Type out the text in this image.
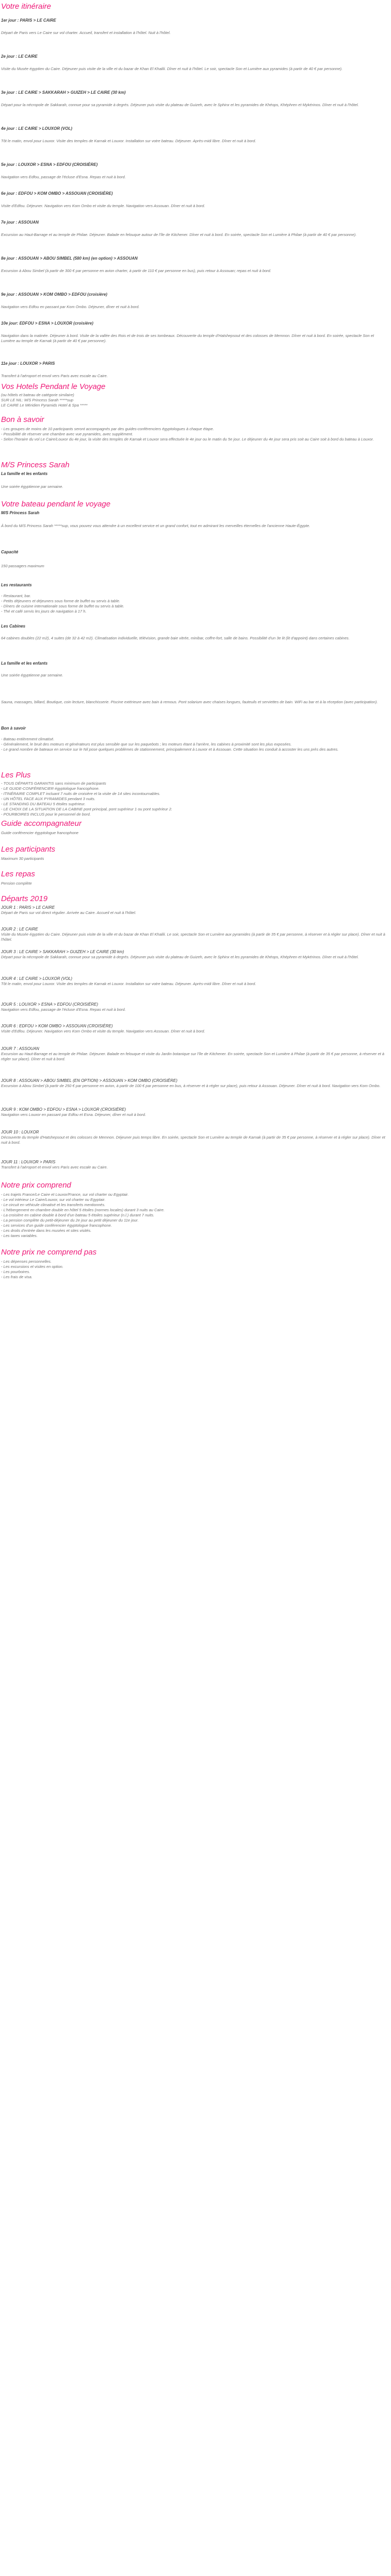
Votre itinéraire
1er jour : PARIS > LE CAIRE
Départ de Paris vers Le Caire sur vol charter. Accueil, transfert et installation à l'hôtel. Nuit à l'hôtel.
2e jour : LE CAIRE
Visite du Musée égyptien du Caire. Déjeuner puis visite de la ville et du bazar de Khan El Khalili. Dîner et nuit à l'hôtel. Le soir, spectacle Son et Lumière aux pyramides (à partir de 40 € par personne).
3e jour : LE CAIRE > SAKKARAH > GUIZEH > LE CAIRE (30 km)
Départ pour la nécropole de Sakkarah, connue pour sa pyramide à degrés. Déjeuner puis visite du plateau de Guizeh, avec le Sphinx et les pyramides de Khéops, Khéphren et Mykérinos. Dîner et nuit à l'hôtel.
4e jour : LE CAIRE > LOUXOR (VOL)
Tôt le matin, envol pour Louxor. Visite des temples de Karnak et Louxor. Installation sur votre bateau. Déjeuner. Après-midi libre. Dîner et nuit à bord.
5e jour : LOUXOR > ESNA > EDFOU (CROISIÈRE)
Navigation vers Edfou, passage de l'écluse d'Esna. Repas et nuit à bord.
6e jour : EDFOU > KOM OMBO > ASSOUAN (CROISIÈRE)
Visite d'Edfou. Déjeuner. Navigation vers Kom Ombo et visite du temple. Navigation vers Assouan. Dîner et nuit à bord.
7e jour : ASSOUAN
Excursion au Haut-Barrage et au temple de Philae. Déjeuner. Balade en felouque autour de l'île de Kitchener. Dîner et nuit à bord. En soirée, spectacle Son et Lumière à Philae (à partir de 40 € par personne).
8e jour : ASSOUAN > ABOU SIMBEL (580 km) (en option) > ASSOUAN
Excursion à Abou Simbel (à partir de 300 € par personne en avion charter, à partir de 110 € par personne en bus), puis retour à Assouan; repas et nuit à bord.
9e jour : ASSOUAN > KOM OMBO > EDFOU (croisière)
Navigation vers Edfou en passant par Kom Ombo. Déjeuner, dîner et nuit à bord.
10e jour: EDFOU > ESNA > LOUXOR (croisière)
Navigation dans la matinée. Déjeuner à bord. Visite de la vallée des Rois et de trois de ses tombeaux. Découverte du temple d'Hatshepsout et des colosses de Memnon. Dîner et nuit à bord. En soirée, spectacle Son et Lumière au temple de Karnak (à partir de 40 € par personne).
11e jour : LOUXOR > PARIS
Transfert à l'aéroport et envol vers Paris avec escale au Caire.
Vos Hotels Pendant le Voyage
(ou hôtels et bateau de catégorie similaire)
SUR LE NIL: M/S Princess Sarah *****sup
LE CAIRE Le Méridien Pyramids Hotel & Spa *****
Bon à savoir
- Les groupes de moins de 10 participants seront accompagnés par des guides-conférenciers égyptologues à chaque étape.
- Possibilité de réserver une chambre avec vue pyramides, avec supplément.
- Selon l'horaire du vol Le Caire/Louxor du 4e jour, la visite des temples de Karnak et Louxor sera effectuée le 4e jour ou le matin du 5e jour. Le déjeuner du 4e jour sera pris soit au Caire soit à bord du bateau à Louxor.
M/S Princess Sarah
La famille et les enfants
Une soirée égyptienne par semaine.
Votre bateau pendant le voyage
M/S Princess Sarah
À bord du M/S Princess Sarah *****sup, vous pouvez vous attendre à un excellent service et un grand confort, tout en admirant les merveilles éternelles de l'ancienne Haute-Égypte.
Capacité
150 passagers maximum
Les restaurants
- Restaurant, bar.
- Petits déjeuners et déjeuners sous forme de buffet ou servis à table.
- Dîners de cuisine internationale sous forme de buffet ou servis à table.
- Thé et café servis les jours de navigation à 17 h.
Les Cabines
64 cabines doubles (22 m2), 4 suites (de 32 à 42 m2). Climatisation individuelle, télévision, grande baie vitrée, minibar, coffre-fort, salle de bains. Possibilité d'un 3e lit (lit d'appoint) dans certaines cabines.
La famille et les enfants
Une soirée égyptienne par semaine.
Sauna, massages, billard, Boutique, coin lecture, blanchisserie. Piscine extérieure avec bain à remous. Pont solarium avec chaises longues, fauteuils et serviettes de bain. WiFi au bar et à la réception (avec participation).
Bon à savoir
- Bateau entièrement climatisé.
- Généralement, le bruit des moteurs et générateurs est plus sensible que sur les paquebots ; les moteurs étant à l'arrière, les cabines à proximité sont les plus exposées.
- Le grand nombre de bateaux en service sur le Nil pose quelques problèmes de stationnement, principalement à Louxor et à Assouan. Cette situation les conduit à accoster les uns près des autres.
Les Plus
- TOUS DÉPARTS GARANTIS sans minimum de participants
- LE GUIDE-CONFÉRENCIER égyptologue francophone.
- ITINÉRAIRE COMPLET incluant 7 nuits de croisière et la visite de 14 sites incontournables.
- UN HÔTEL FACE AUX PYRAMIDES pendant 3 nuits.
- LE STANDING DU BATEAU 5 étoiles supérieur.
- LE CHOIX DE LA SITUATION DE LA CABINE pont principal, pont supérieur 1 ou pont supérieur 2.
- POURBOIRES INCLUS pour le personnel de bord.
Guide accompagnateur
Guide conférencier égyptologue francophone
Les participants
Maximum 30 participants
Les repas
Pension complète
Départs 2019
JOUR 1 : PARIS > LE CAIRE
Départ de Paris sur vol direct régulier. Arrivée au Caire. Accueil et nuit à l'hôtel.
JOUR 2 : LE CAIRE
Visite du Musée égyptien du Caire. Déjeuner puis visite de la ville et du bazar de Khan El Khalili. Le soir, spectacle Son et Lumière aux pyramides (à partir de 35 € par personne, à réserver et à régler sur place). Dîner et nuit à l'hôtel.
JOUR 3 : LE CAIRE > SAKKARAH > GUIZEH > LE CAIRE (30 km)
Départ pour la nécropole de Sakkarah, connue pour sa pyramide à degrés. Déjeuner puis visite du plateau de Guizeh, avec le Sphinx et les pyramides de Khéops, Khéphren et Mykérinos. Dîner et nuit à l'hôtel.
JOUR 4 : LE CAIRE > LOUXOR (VOL)
Tôt le matin, envol pour Louxor. Visite des temples de Karnak et Louxor. Installation sur votre bateau. Déjeuner. Après-midi libre. Dîner et nuit à bord.
JOUR 5 : LOUXOR > ESNA > EDFOU (CROISIÈRE)
Navigation vers Edfou, passage de l'écluse d'Esna. Repas et nuit à bord.
JOUR 6 : EDFOU > KOM OMBO > ASSOUAN (CROISIÈRE)
Visite d'Edfou. Déjeuner. Navigation vers Kom Ombo et visite du temple. Navigation vers Assouan. Dîner et nuit à bord.
JOUR 7 : ASSOUAN
Excursion au Haut-Barrage et au temple de Philae. Déjeuner. Balade en felouque et visite du Jardin botanique sur l'île de Kitchener. En soirée, spectacle Son et Lumière à Philae (à partir de 35 € par personne, à réserver et à régler sur place). Dîner et nuit à bord.
JOUR 8 : ASSOUAN > ABOU SIMBEL (EN OPTION) > ASSOUAN > KOM OMBO (CROISIÈRE)
Excursion à Abou Simbel (à partir de 250 € par personne en avion, à partir de 100 € par personne en bus, à réserver et à régler sur place), puis retour à Assouan. Déjeuner. Dîner et nuit à bord. Navigation vers Kom Ombo.
JOUR 9 : KOM OMBO > EDFOU > ESNA > LOUXOR (CROISIÈRE)
Navigation vers Louxor en passant par Edfou et Esna. Déjeuner, dîner et nuit à bord.
JOUR 10 : LOUXOR
Découverte du temple d'Hatshepsout et des colosses de Memnon. Déjeuner puis temps libre. En soirée, spectacle Son et Lumière au temple de Karnak (à partir de 35 € par personne, à réserver et à régler sur place). Dîner et nuit à bord.
JOUR 11 : LOUXOR > PARIS
Transfert à l'aéroport et envol vers Paris avec escale au Caire.
Notre prix comprend
- Les trajets France/Le Caire et Louxor/France, sur vol charter ou Egyptair.
- Le vol intérieur Le Caire/Louxor, sur vol charter ou Egyptair.
- Le circuit en véhicule climatisé et les transferts mentionnés.
- L'hébergement en chambre double en hôtel 5 étoiles (normes locales) durant 3 nuits au Caire.
- La croisière en cabine double à bord d'un bateau 5 étoiles supérieur (n.l.) durant 7 nuits.
- La pension complète du petit-déjeuner du 2e jour au petit déjeuner du 11e jour.
- Les services d'un guide conférencier égyptologue francophone.
- Les droits d'entrée dans les musées et sites visités.
- Les taxes variables.
Notre prix ne comprend pas
- Les dépenses personnelles.
- Les excursions et visites en option.
- Les pourboires.
- Les frais de visa.
